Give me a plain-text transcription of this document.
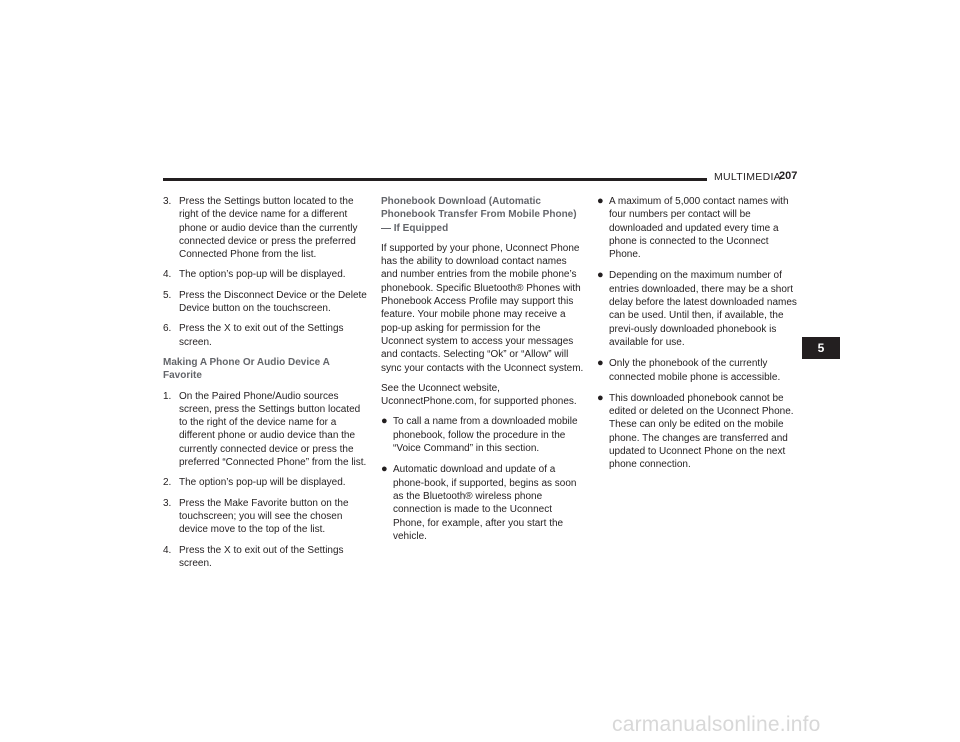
MULTIMEDIA
207
3. Press the Settings button located to the right of the device name for a different phone or audio device than the currently connected device or press the preferred Connected Phone from the list.
4. The option’s pop-up will be displayed.
5. Press the Disconnect Device or the Delete Device button on the touchscreen.
6. Press the X to exit out of the Settings screen.
Making A Phone Or Audio Device A Favorite
1. On the Paired Phone/Audio sources screen, press the Settings button located to the right of the device name for a different phone or audio device than the currently connected device or press the preferred “Connected Phone” from the list.
2. The option’s pop-up will be displayed.
3. Press the Make Favorite button on the touchscreen; you will see the chosen device move to the top of the list.
4. Press the X to exit out of the Settings screen.
Phonebook Download (Automatic Phonebook Transfer From Mobile Phone) — If Equipped
If supported by your phone, Uconnect Phone has the ability to download contact names and number entries from the mobile phone’s phonebook. Specific Bluetooth® Phones with Phonebook Access Profile may support this feature. Your mobile phone may receive a pop-up asking for permission for the Uconnect system to access your messages and contacts. Selecting “Ok” or “Allow” will sync your contacts with the Uconnect system.
See the Uconnect website, UconnectPhone.com, for supported phones.
● To call a name from a downloaded mobile phonebook, follow the procedure in the “Voice Command” in this section.
● Automatic download and update of a phone-book, if supported, begins as soon as the Bluetooth® wireless phone connection is made to the Uconnect Phone, for example, after you start the vehicle.
● A maximum of 5,000 contact names with four numbers per contact will be downloaded and updated every time a phone is connected to the Uconnect Phone.
● Depending on the maximum number of entries downloaded, there may be a short delay before the latest downloaded names can be used. Until then, if available, the previ-ously downloaded phonebook is available for use.
● Only the phonebook of the currently connected mobile phone is accessible.
● This downloaded phonebook cannot be edited or deleted on the Uconnect Phone. These can only be edited on the mobile phone. The changes are transferred and updated to Uconnect Phone on the next phone connection.
5
carmanualsonline.info
